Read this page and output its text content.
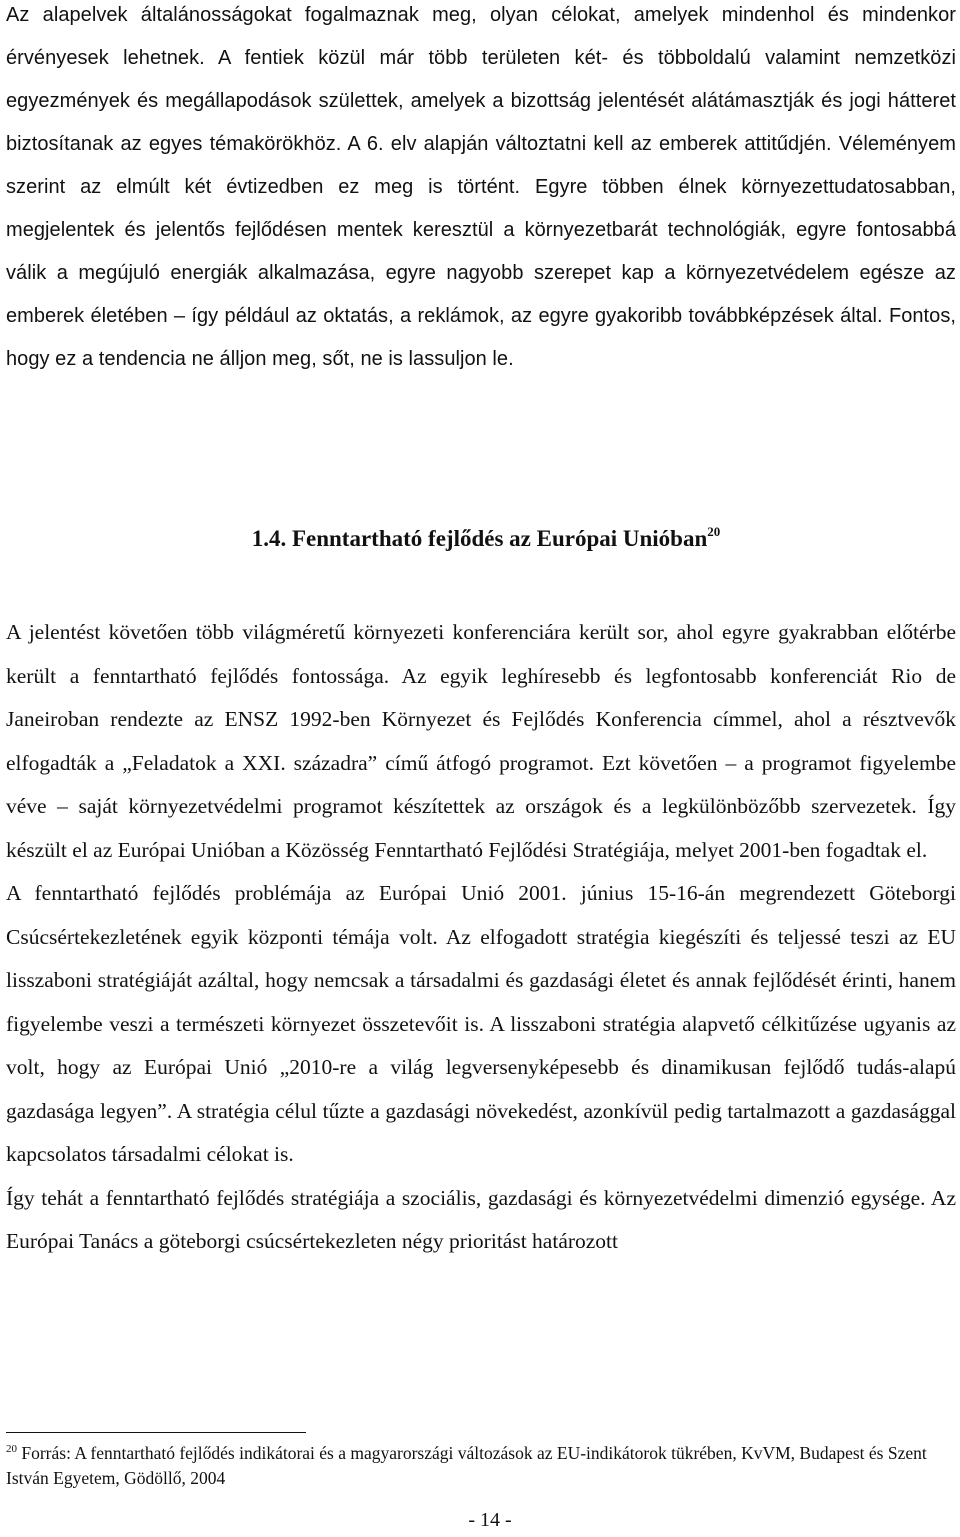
Az alapelvek általánosságokat fogalmaznak meg, olyan célokat, amelyek mindenhol és mindenkor érvényesek lehetnek. A fentiek közül már több területen két- és többoldalú valamint nemzetközi egyezmények és megállapodások születtek, amelyek a bizottság jelentését alátámasztják és jogi hátteret biztosítanak az egyes témakörökhöz. A 6. elv alapján változtatni kell az emberek attitűdjén. Véleményem szerint az elmúlt két évtizedben ez meg is történt. Egyre többen élnek környezettudatosabban, megjelentek és jelentős fejlődésen mentek keresztül a környezetbarát technológiák, egyre fontosabbá válik a megújuló energiák alkalmazása, egyre nagyobb szerepet kap a környezetvédelem egésze az emberek életében – így például az oktatás, a reklámok, az egyre gyakoribb továbbképzések által. Fontos, hogy ez a tendencia ne álljon meg, sőt, ne is lassuljon le.

1.4. Fenntartható fejlődés az Európai Unióban$^{20}$

A jelentést követően több világméretű környezeti konferenciára került sor, ahol egyre gyakrabban előtérbe került a fenntartható fejlődés fontossága. Az egyik leghíresebb és legfontosabb konferenciát Rio de Janeiroban rendezte az ENSZ 1992-ben Környezet és Fejlődés Konferencia címmel, ahol a résztvevők elfogadták a „Feladatok a XXI. századra” című átfogó programot. Ezt követően – a programot figyelembe véve – saját környezetvédelmi programot készítettek az országok és a legkülönbözőbb szervezetek. Így készült el az Európai Unióban a Közösség Fenntartható Fejlődési Stratégiája, melyet 2001-ben fogadtak el.

A fenntartható fejlődés problémája az Európai Unió 2001. június 15-16-án megrendezett Göteborgi Csúcsértekezletének egyik központi témája volt. Az elfogadott stratégia kiegészíti és teljessé teszi az EU lisszaboni stratégiáját azáltal, hogy nemcsak a társadalmi és gazdasági életet és annak fejlődését érinti, hanem figyelembe veszi a természeti környezet összetevőit is. A lisszaboni stratégia alapvető célkitűzése ugyanis az volt, hogy az Európai Unió „2010-re a világ legversenyképesebb és dinamikusan fejlődő tudás-alapú gazdasága legyen”. A stratégia célul tűzte a gazdasági növekedést, azonkívül pedig tartalmazott a gazdasággal kapcsolatos társadalmi célokat is.

Így tehát a fenntartható fejlődés stratégiája a szociális, gazdasági és környezetvédelmi dimenzió egysége. Az Európai Tanács a göteborgi csúcsértekezleten négy prioritást határozott

$^{20}$ Forrás: A fenntartható fejlődés indikátorai és a magyarországi változások az EU-indikátorok tükrében, KvVM, Budapest és Szent István Egyetem, Gödöllő, 2004
- 14 -
